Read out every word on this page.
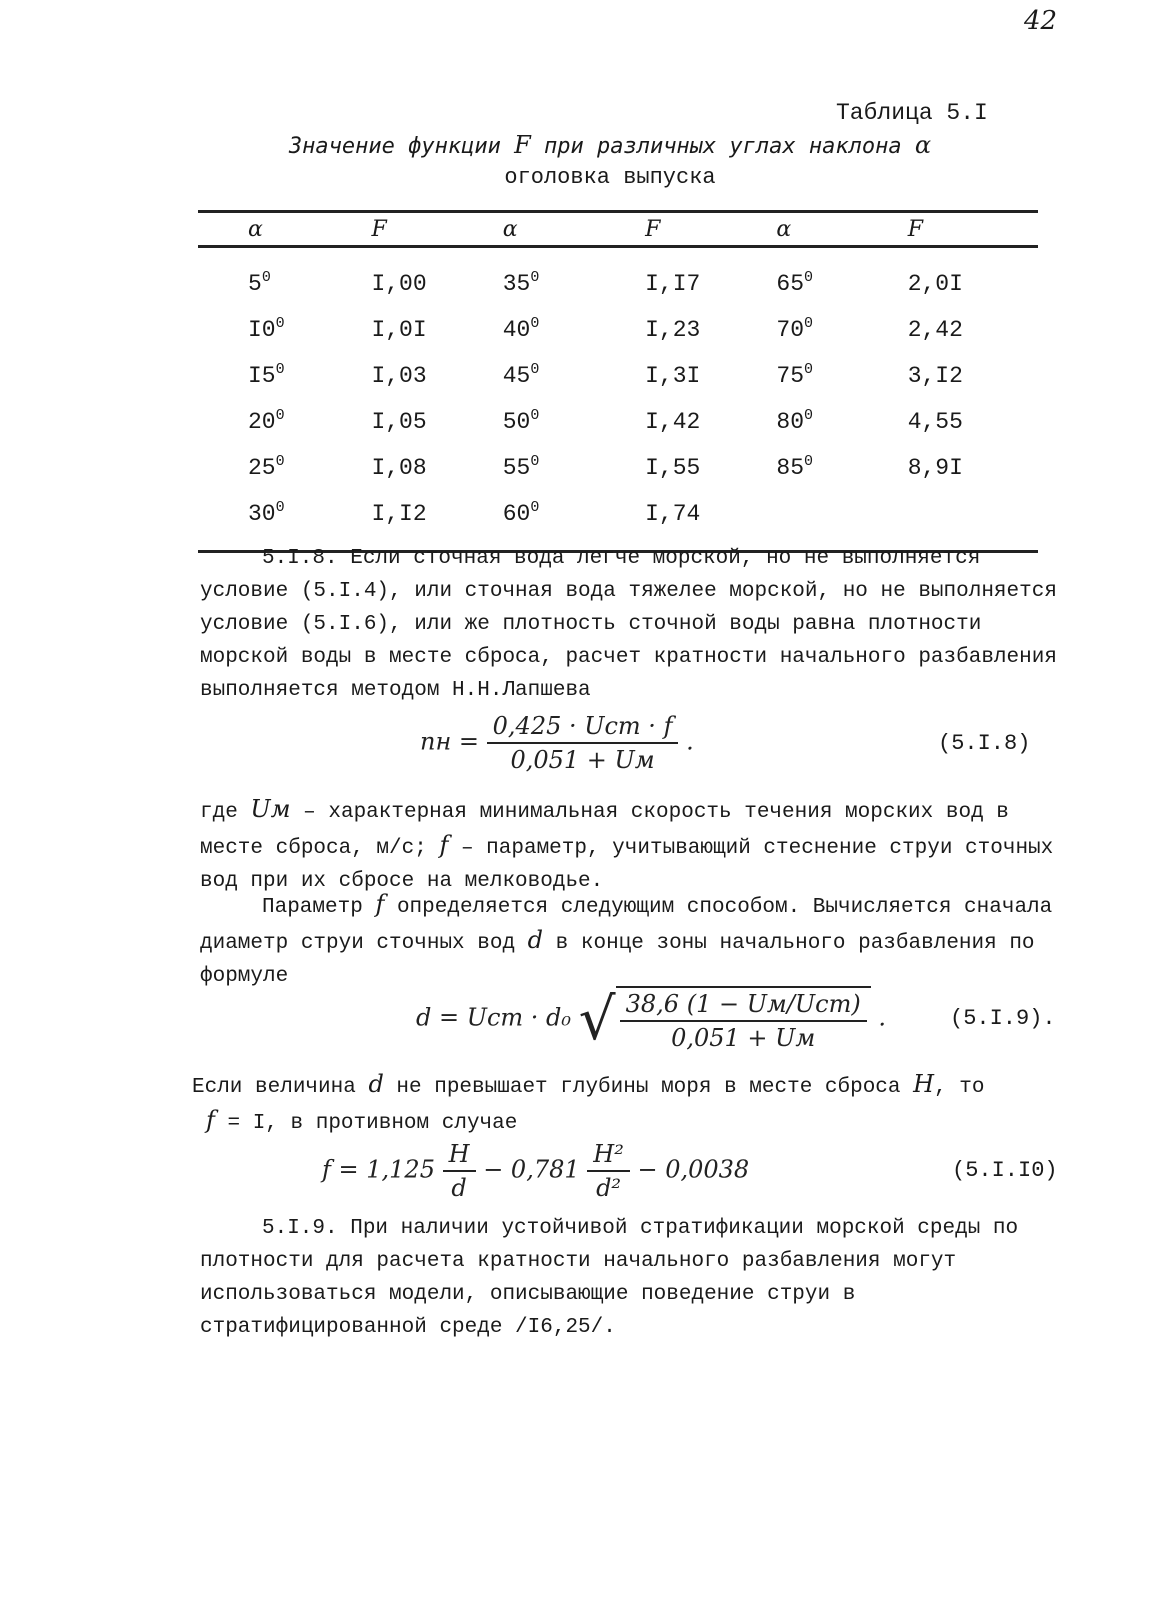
42
Таблица 5.I
Значение функции F при различных углах наклона α
оголовка выпуска
α	F	α	F	α	F
$5^0$	I,00	$35^0$	I,I7	$65^0$	2,0I
$I0^0$	I,0I	$40^0$	I,23	$70^0$	2,42
$I5^0$	I,03	$45^0$	I,3I	$75^0$	3,I2
$20^0$	I,05	$50^0$	I,42	$80^0$	4,55
$25^0$	I,08	$55^0$	I,55	$85^0$	8,9I
$30^0$	I,I2	$60^0$	I,74		

5.I.8. Если сточная вода легче морской, но не выполняется условие (5.I.4), или сточная вода тяжелее морской, но не выполняется условие (5.I.6), или же плотность сточной воды равна плотности морской воды в месте сброса, расчет кратности начального разбавления выполняется методом Н.Н.Лапшева

nн = $\frac{\text{0,425 · Uст · f}}{0,051 + Uм}$ .	(5.I.8)

где Uм – характерная минимальная скорость течения морских вод в месте сброса, м/с; f – параметр, учитывающий стеснение струи сточных вод при их сбросе на мелководье.

Параметр f определяется следующим способом. Вычисляется сначала диаметр струи сточных вод d в конце зоны начального разбавления по формуле

d = Uст · d₀ √ $\frac{\text{38,6 (1 − Uм/Uст)}}{0,051 + Uм}$ .	(5.I.9).

Если величина d не превышает глубины моря в месте сброса H, то
f = I, в противном случае

$f = 1,125 \frac{H}{d} - 0,781 \frac{\text{H²}}{\text{d²}} - 0,0038$	(5.I.I0)

5.I.9. При наличии устойчивой стратификации морской среды по плотности для расчета кратности начального разбавления могут использоваться модели, описывающие поведение струи в стратифицированной среде /I6,25/.
